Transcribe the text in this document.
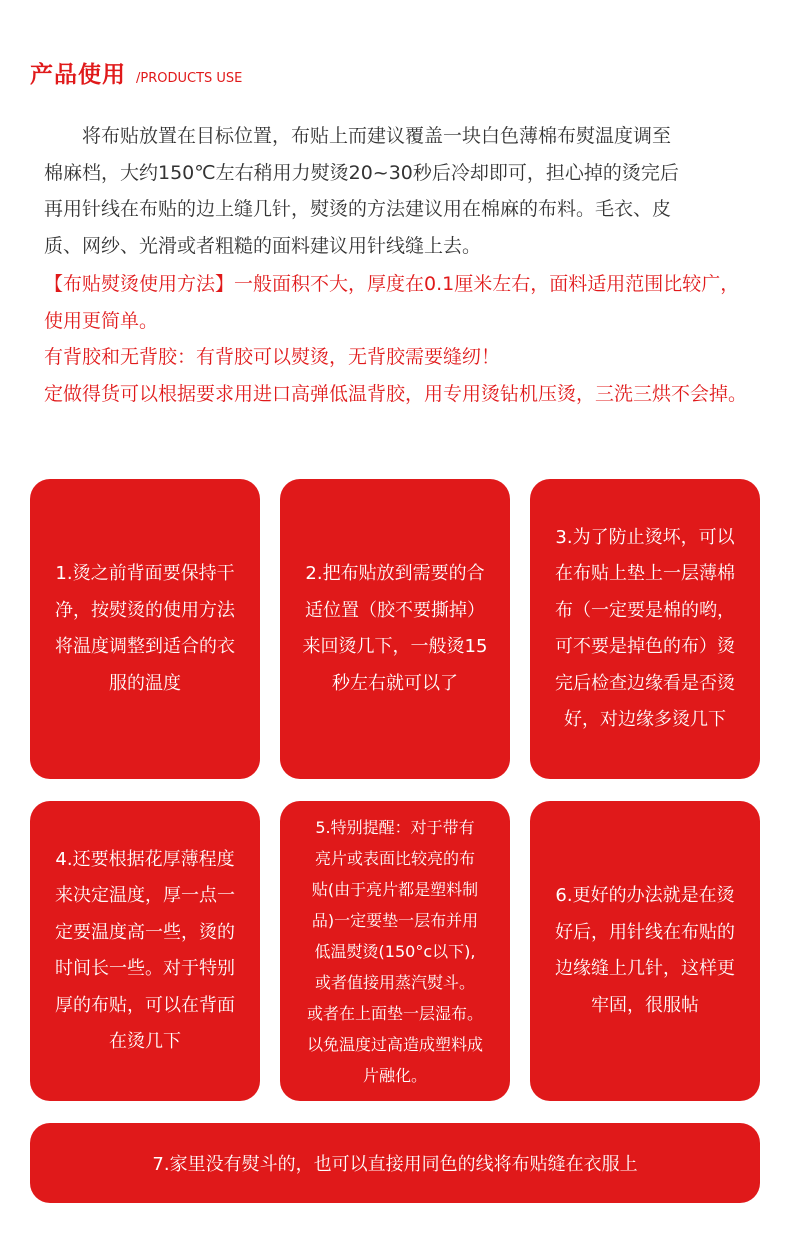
产品使用 /PRODUCTS USE

将布贴放置在目标位置，布贴上而建议覆盖一块白色薄棉布熨温度调至
棉麻档，大约150℃左右稍用力熨烫20~30秒后冷却即可，担心掉的烫完后
再用针线在布贴的边上缝几针，熨烫的方法建议用在棉麻的布料。毛衣、皮
质、网纱、光滑或者粗糙的面料建议用针线缝上去。

【布贴熨烫使用方法】一般面积不大，厚度在0.1厘米左右，面料适用范围比较广，使用更简单。

有背胶和无背胶：有背胶可以熨烫，无背胶需要缝纫！

定做得货可以根据要求用进口高弹低温背胶，用专用烫钻机压烫，三洗三烘不会掉。

1.烫之前背面要保持干
净，按熨烫的使用方法
将温度调整到适合的衣
服的温度

2.把布贴放到需要的合
适位置（胶不要撕掉）
来回烫几下，一般烫15
秒左右就可以了

3.为了防止烫坏，可以
在布贴上垫上一层薄棉
布（一定要是棉的哟，
可不要是掉色的布）烫
完后检查边缘看是否烫
好，对边缘多烫几下

4.还要根据花厚薄程度
来决定温度，厚一点一
定要温度高一些，烫的
时间长一些。对于特别
厚的布贴，可以在背面
在烫几下

5.特别提醒：对于带有
亮片或表面比较亮的布
贴(由于亮片都是塑料制
品)一定要垫一层布并用
低温熨烫(150°c以下),
或者值接用蒸汽熨斗。
或者在上面垫一层湿布。
以免温度过高造成塑料成
片融化。

6.更好的办法就是在烫
好后，用针线在布贴的
边缘缝上几针，这样更
牢固，很服帖

7.家里没有熨斗的，也可以直接用同色的线将布贴缝在衣服上
